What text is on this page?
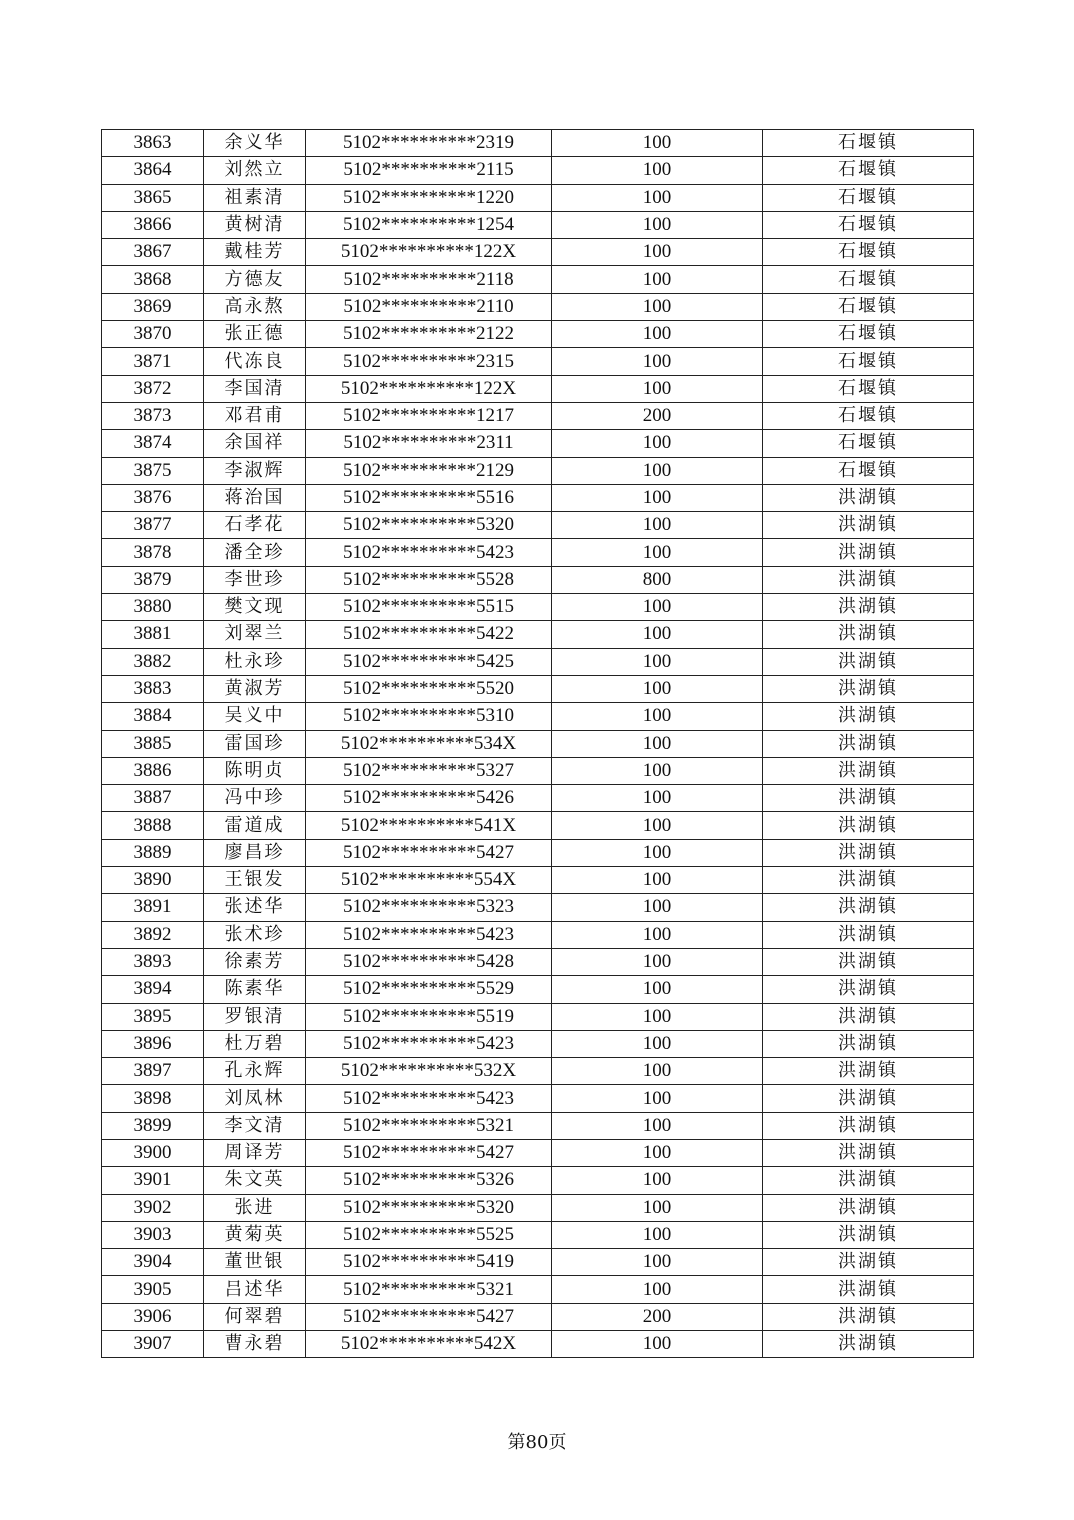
3863	余义华	5102**********2319	100	石堰镇
3864	刘然立	5102**********2115	100	石堰镇
3865	祖素清	5102**********1220	100	石堰镇
3866	黄树清	5102**********1254	100	石堰镇
3867	戴桂芳	5102**********122X	100	石堰镇
3868	方德友	5102**********2118	100	石堰镇
3869	高永熬	5102**********2110	100	石堰镇
3870	张正德	5102**********2122	100	石堰镇
3871	代冻良	5102**********2315	100	石堰镇
3872	李国清	5102**********122X	100	石堰镇
3873	邓君甫	5102**********1217	200	石堰镇
3874	余国祥	5102**********2311	100	石堰镇
3875	李淑辉	5102**********2129	100	石堰镇
3876	蒋治国	5102**********5516	100	洪湖镇
3877	石孝花	5102**********5320	100	洪湖镇
3878	潘全珍	5102**********5423	100	洪湖镇
3879	李世珍	5102**********5528	800	洪湖镇
3880	樊文现	5102**********5515	100	洪湖镇
3881	刘翠兰	5102**********5422	100	洪湖镇
3882	杜永珍	5102**********5425	100	洪湖镇
3883	黄淑芳	5102**********5520	100	洪湖镇
3884	吴义中	5102**********5310	100	洪湖镇
3885	雷国珍	5102**********534X	100	洪湖镇
3886	陈明贞	5102**********5327	100	洪湖镇
3887	冯中珍	5102**********5426	100	洪湖镇
3888	雷道成	5102**********541X	100	洪湖镇
3889	廖昌珍	5102**********5427	100	洪湖镇
3890	王银发	5102**********554X	100	洪湖镇
3891	张述华	5102**********5323	100	洪湖镇
3892	张术珍	5102**********5423	100	洪湖镇
3893	徐素芳	5102**********5428	100	洪湖镇
3894	陈素华	5102**********5529	100	洪湖镇
3895	罗银清	5102**********5519	100	洪湖镇
3896	杜万碧	5102**********5423	100	洪湖镇
3897	孔永辉	5102**********532X	100	洪湖镇
3898	刘凤林	5102**********5423	100	洪湖镇
3899	李文清	5102**********5321	100	洪湖镇
3900	周译芳	5102**********5427	100	洪湖镇
3901	朱文英	5102**********5326	100	洪湖镇
3902	张进	5102**********5320	100	洪湖镇
3903	黄菊英	5102**********5525	100	洪湖镇
3904	董世银	5102**********5419	100	洪湖镇
3905	吕述华	5102**********5321	100	洪湖镇
3906	何翠碧	5102**********5427	200	洪湖镇
3907	曹永碧	5102**********542X	100	洪湖镇
第80页
